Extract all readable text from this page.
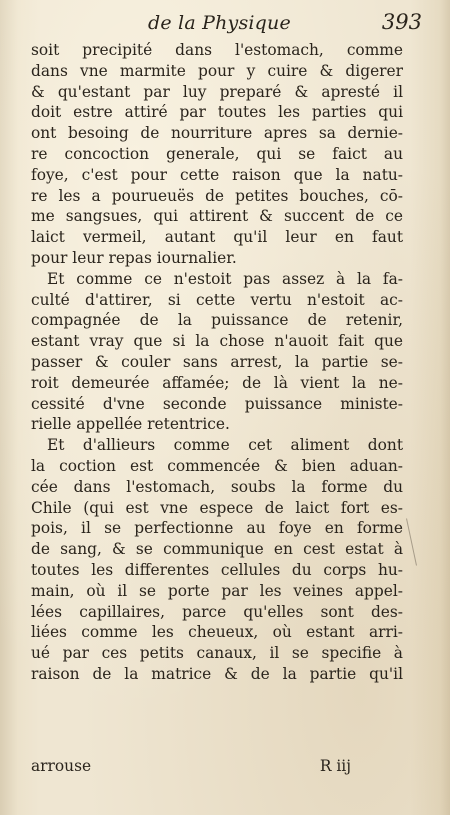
de la Physique	393
soit precipité dans l'estomach, comme
dans vne marmite pour y cuire & digerer
& qu'estant par luy preparé & apresté il
doit estre attiré par toutes les parties qui
ont besoing de nourriture apres sa dernie-
re concoction generale, qui se faict au
foye, c'est pour cette raison que la natu-
re les a pourueuës de petites bouches, cō-
me sangsues, qui attirent & succent de ce
laict vermeil, autant qu'il leur en faut
pour leur repas iournalier.
Et comme ce n'estoit pas assez à la fa-
culté d'attirer, si cette vertu n'estoit ac-
compagnée de la puissance de retenir,
estant vray que si la chose n'auoit fait que
passer & couler sans arrest, la partie se-
roit demeurée affamée; de là vient la ne-
cessité d'vne seconde puissance ministe-
rielle appellée retentrice.
Et d'allieurs comme cet aliment dont
la coction est commencée & bien aduan-
cée dans l'estomach, soubs la forme du
Chile (qui est vne espece de laict fort es-
pois, il se perfectionne au foye en forme
de sang, & se communique en cest estat à
toutes les differentes cellules du corps hu-
main, où il se porte par les veines appel-
lées capillaires, parce qu'elles sont des-
liées comme les cheueux, où estant arri-
ué par ces petits canaux, il se specifie à
raison de la matrice & de la partie qu'il
arrouse	R iij
